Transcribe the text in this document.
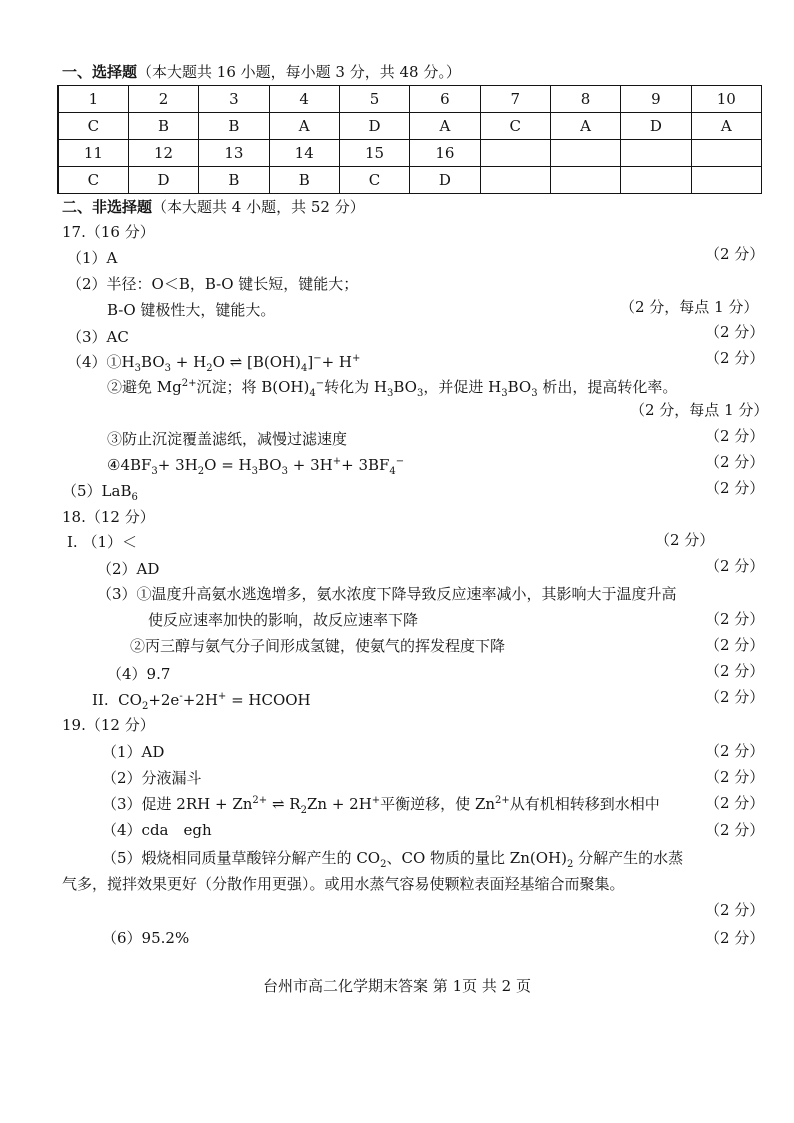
一、选择题（本大题共 16 小题，每小题 3 分，共 48 分。）
1	2	3	4	5	6	7	8	9	10
C	B	B	A	D	A	C	A	D	A
11	12	13	14	15	16				
C	D	B	B	C	D				
二、非选择题（本大题共 4 小题，共 52 分）
17.（16 分）
（1）A	（2 分）
（2）半径：O＜B，B-O 键长短，键能大；
B-O 键极性大，键能大。	（2 分，每点 1 分）
（3）AC	（2 分）
$(4)①H_3BO_3 + H_2O$ ⇌ $[B(OH)_4]^-+ H^+$	（2 分）
②避免 $Mg^{2+}$沉淀；将 $B(OH)_4^-$转化为 $H_3BO_3$，并促进 $H_3BO_3$ 析出，提高转化率。
（2 分，每点 1 分）
③防止沉淀覆盖滤纸，减慢过滤速度	（2 分）
$④4BF_3+ 3H_2O = H_3BO_3 + 3H^++ 3BF_4^-$	（2 分）
（5）LaB$_6$
（2 分）
18.（12 分）
I. （1）＜	（2 分）
（2）AD	（2 分）
（3）①温度升高氨水逃逸增多，氨水浓度下降导致反应速率减小，其影响大于温度升高
使反应速率加快的影响，故反应速率下降	（2 分）
②丙三醇与氨气分子间形成氢键，使氨气的挥发程度下降	（2 分）
（4）9.7	（2 分）
II.  $CO_2+2e^-+2H^+$ = HCOOH	（2 分）
19.（12 分）
（1）AD	（2 分）
（2）分液漏斗	（2 分）
（3）促进 $2RH + Zn^{2+}$ ⇌ $R_2Zn + 2H^+$平衡逆移，使 $Zn^{2+}$从有机相转移到水相中	（2 分）
（4）cda　egh	（2 分）
（5）煅烧相同质量草酸锌分解产生的 $CO_2$、CO 物质的量比 $Zn(OH)_2$ 分解产生的水蒸
气多，搅拌效果更好（分散作用更强）。或用水蒸气容易使颗粒表面羟基缩合而聚集。
（2 分）
（6）95.2%	（2 分）
台州市高二化学期末答案 第 1页 共 2 页
